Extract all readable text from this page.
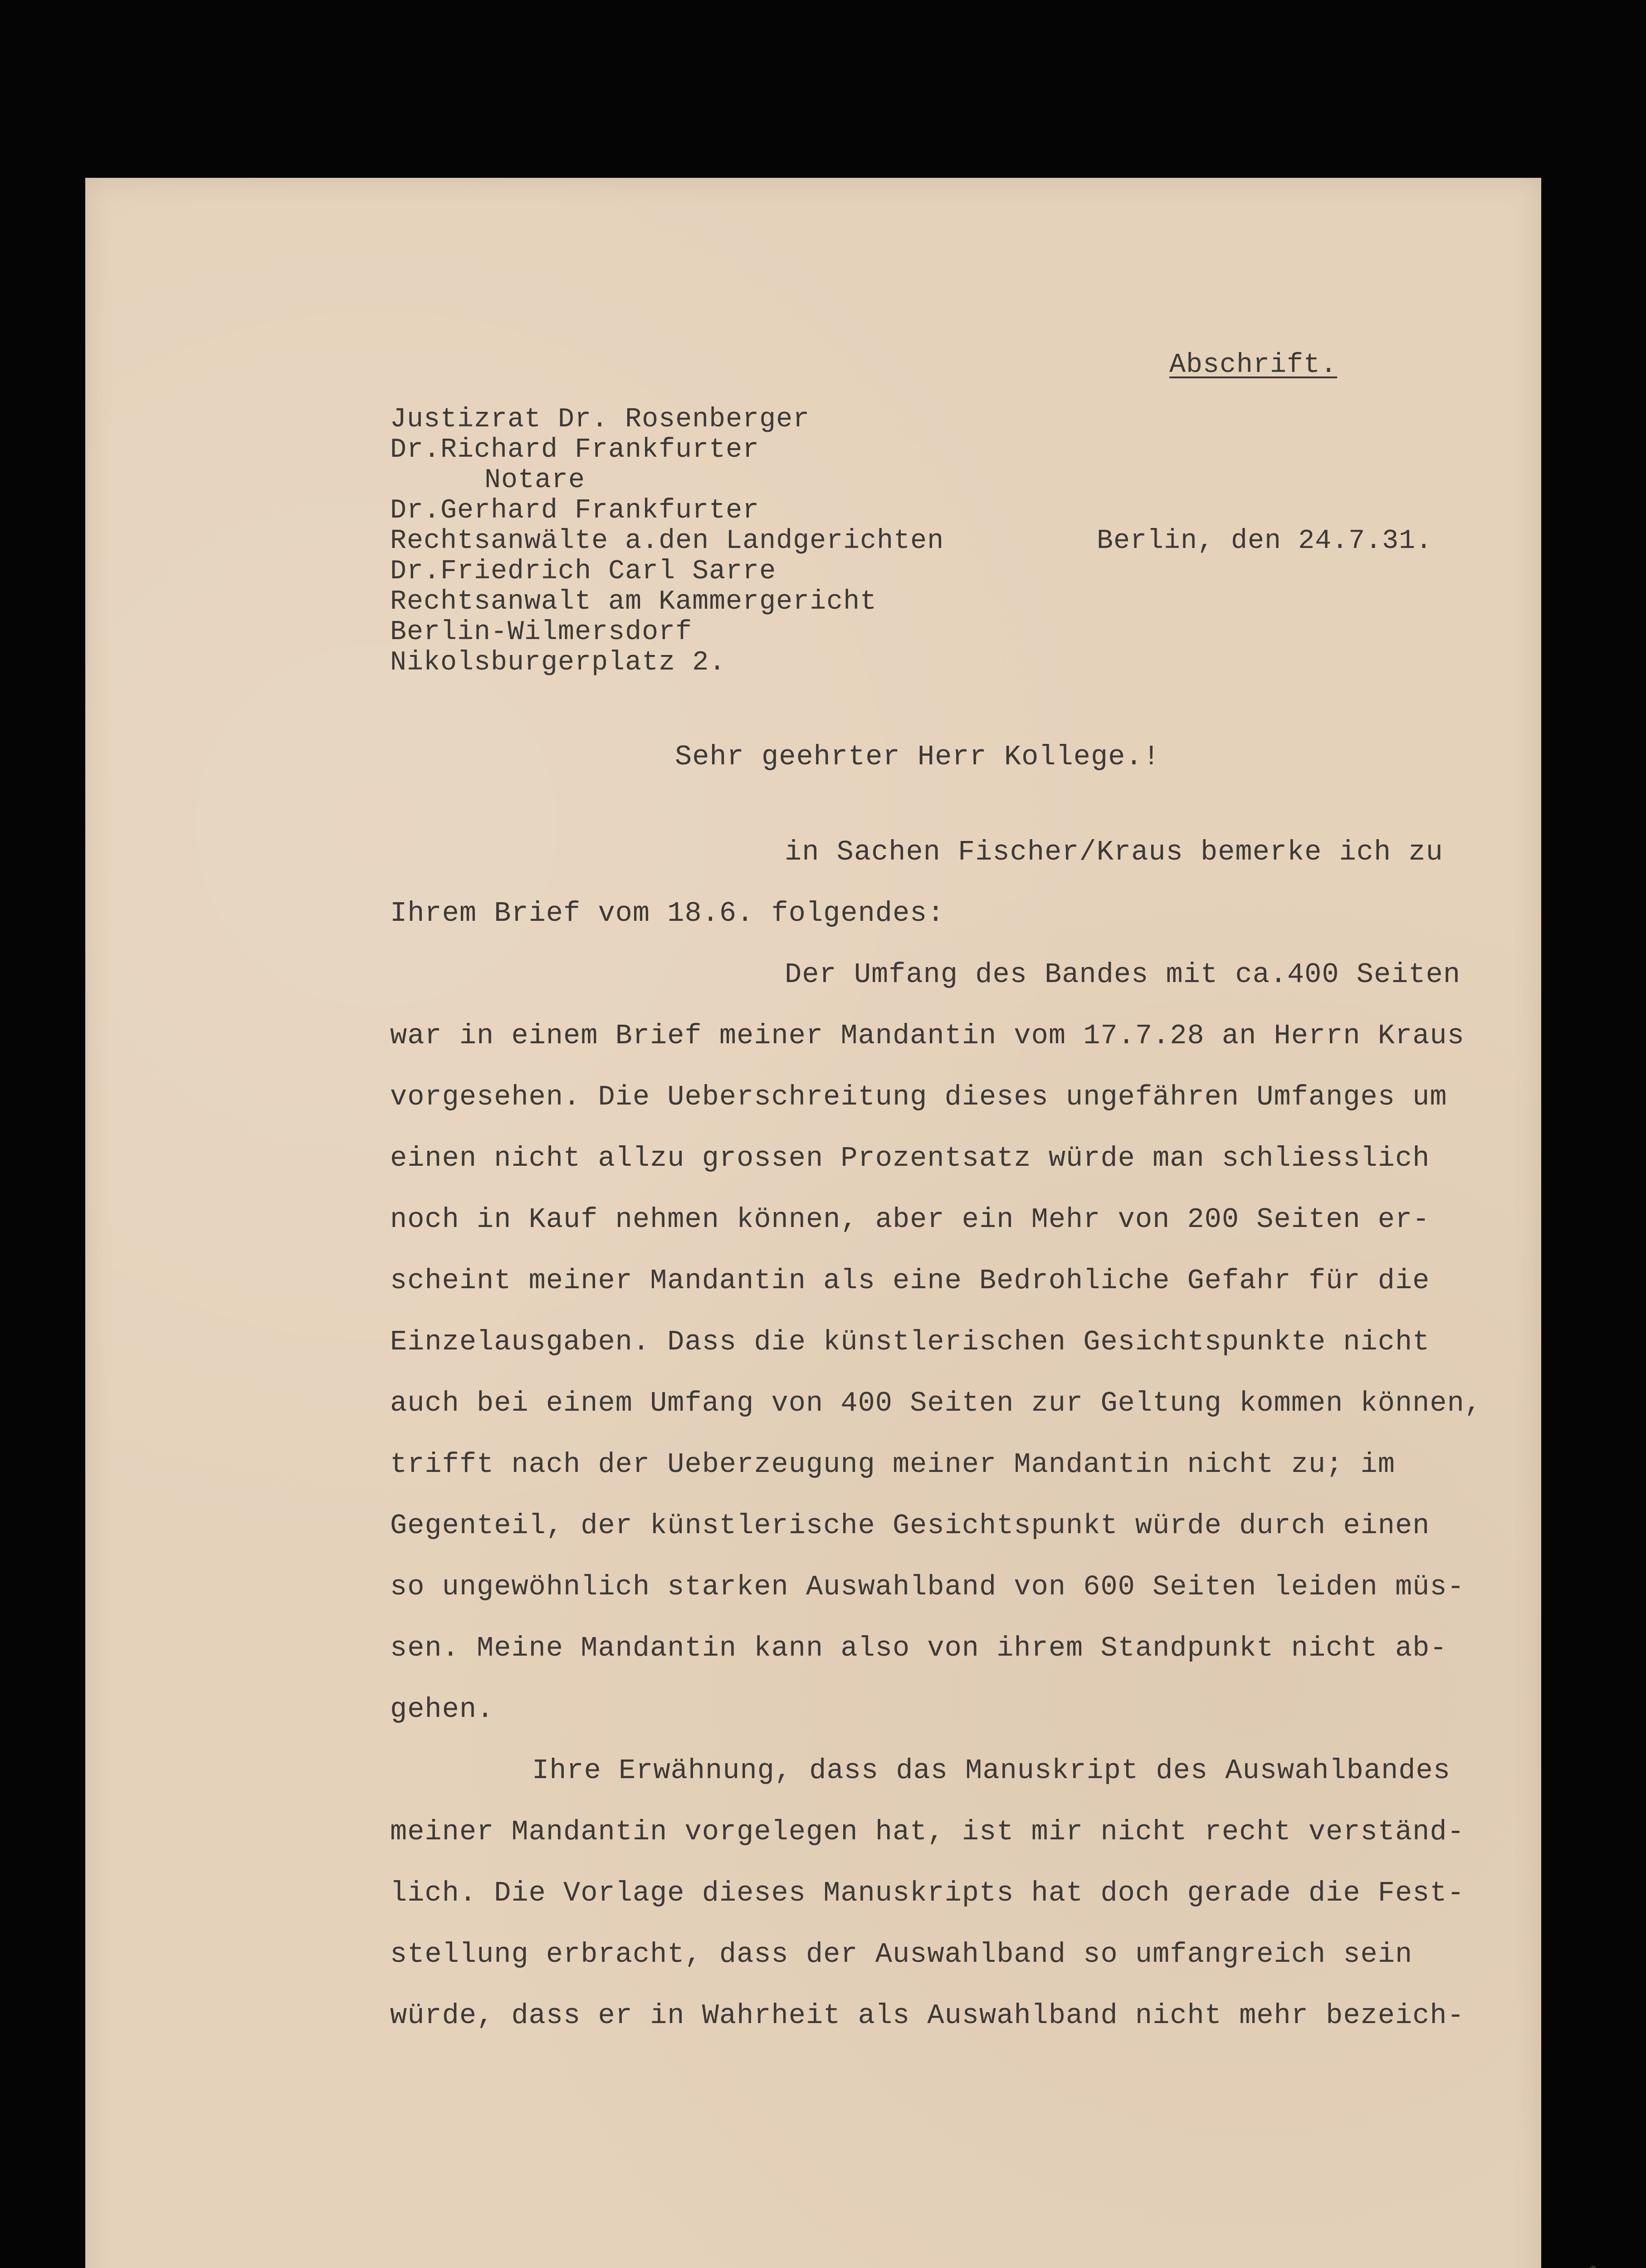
Abschrift.

Justizrat Dr. Rosenberger

Dr.Richard Frankfurter

Notare

Dr.Gerhard Frankfurter

Rechtsanwälte a.den Landgerichten

Dr.Friedrich Carl Sarre

Rechtsanwalt am Kammergericht

Berlin-Wilmersdorf

Nikolsburgerplatz 2.

Berlin, den 24.7.31.

Sehr geehrter Herr Kollege.!

in Sachen Fischer/Kraus bemerke ich zu

Ihrem Brief vom 18.6. folgendes:

Der Umfang des Bandes mit ca.400 Seiten

war in einem Brief meiner Mandantin vom 17.7.28 an Herrn Kraus

vorgesehen. Die Ueberschreitung dieses ungefähren Umfanges um

einen nicht allzu grossen Prozentsatz würde man schliesslich

noch in Kauf nehmen können, aber ein Mehr von 200 Seiten er-

scheint meiner Mandantin als eine Bedrohliche Gefahr für die

Einzelausgaben. Dass die künstlerischen Gesichtspunkte nicht

auch bei einem Umfang von 400 Seiten zur Geltung kommen können,

trifft nach der Ueberzeugung meiner Mandantin nicht zu; im

Gegenteil, der künstlerische Gesichtspunkt würde durch einen

so ungewöhnlich starken Auswahlband von 600 Seiten leiden müs-

sen. Meine Mandantin kann also von ihrem Standpunkt nicht ab-

gehen.

Ihre Erwähnung, dass das Manuskript des Auswahlbandes

meiner Mandantin vorgelegen hat, ist mir nicht recht verständ-

lich. Die Vorlage dieses Manuskripts hat doch gerade die Fest-

stellung erbracht, dass der Auswahlband so umfangreich sein

würde, dass er in Wahrheit als Auswahlband nicht mehr bezeich-
